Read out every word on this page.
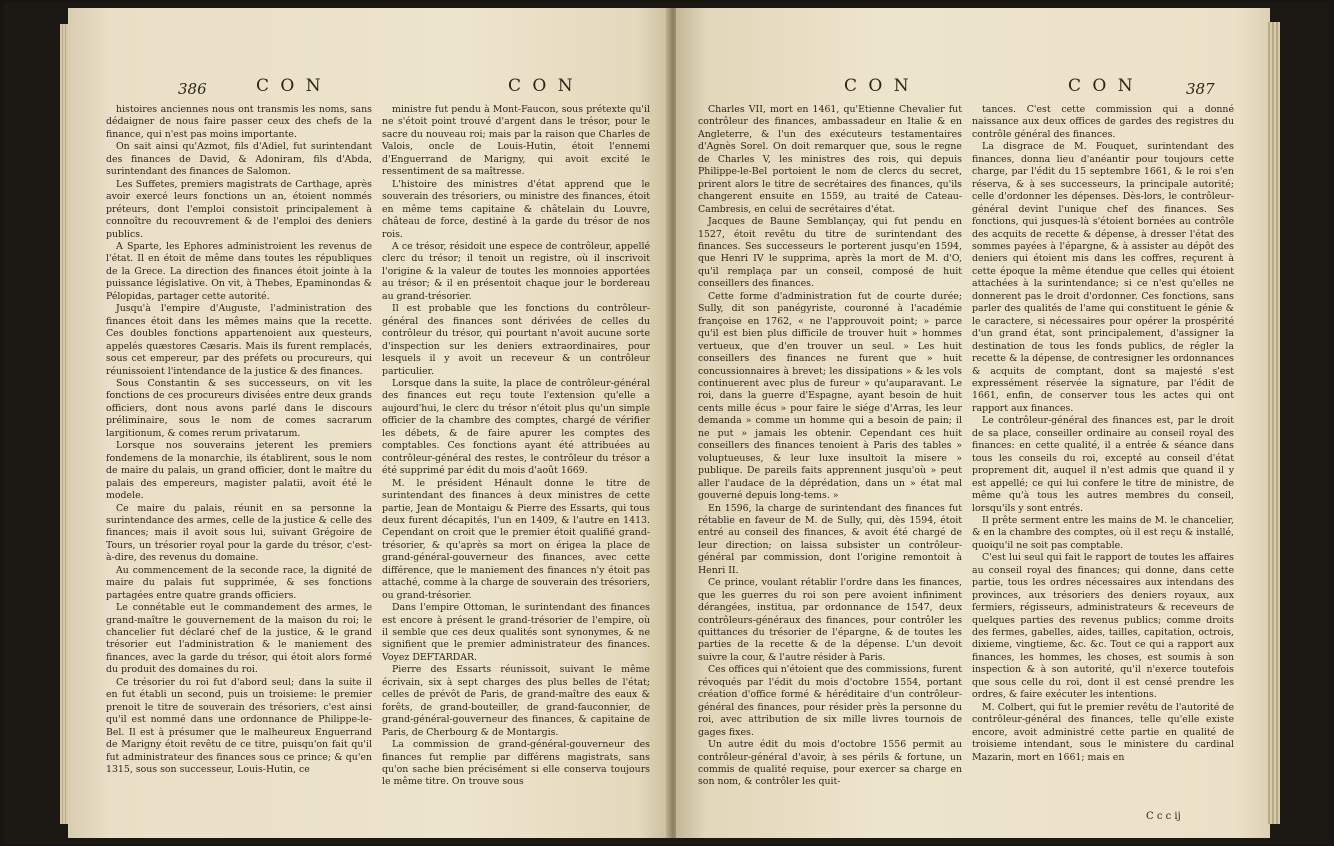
386	C O N	C O N

histoires anciennes nous ont transmis les noms, sans dédaigner de nous faire passer ceux des chefs de la finance, qui n'est pas moins importante.

On sait ainsi qu'Azmot, fils d'Adiel, fut surintendant des finances de David, & Adoniram, fils d'Abda, surintendant des finances de Salomon.

Les Suffetes, premiers magistrats de Carthage, après avoir exercé leurs fonctions un an, étoient nommés préteurs, dont l'emploi consistoit principalement à connoître du recouvrement & de l'emploi des deniers publics.

A Sparte, les Ephores administroient les revenus de l'état. Il en étoit de même dans toutes les républiques de la Grece. La direction des finances étoit jointe à la puissance législative. On vit, à Thebes, Epaminondas & Pélopidas, partager cette autorité.

Jusqu'à l'empire d'Auguste, l'administration des finances étoit dans les mêmes mains que la recette. Ces doubles fonctions appartenoient aux questeurs, appelés quæstores Cæsaris. Mais ils furent remplacés, sous cet empereur, par des préfets ou procureurs, qui réunissoient l'intendance de la justice & des finances.

Sous Constantin & ses successeurs, on vit les fonctions de ces procureurs divisées entre deux grands officiers, dont nous avons parlé dans le discours préliminaire, sous le nom de comes sacrarum largitionum, & comes rerum privatarum.

Lorsque nos souverains jeterent les premiers fondemens de la monarchie, ils établirent, sous le nom de maire du palais, un grand officier, dont le maître du palais des empereurs, magister palatii, avoit été le modele.

Ce maire du palais, réunit en sa personne la surintendance des armes, celle de la justice & celle des finances; mais il avoit sous lui, suivant Grégoire de Tours, un trésorier royal pour la garde du trésor, c'est-à-dire, des revenus du domaine.

Au commencement de la seconde race, la dignité de maire du palais fut supprimée, & ses fonctions partagées entre quatre grands officiers.

Le connétable eut le commandement des armes, le grand-maître le gouvernement de la maison du roi; le chancelier fut déclaré chef de la justice, & le grand trésorier eut l'administration & le maniement des finances, avec la garde du trésor, qui étoit alors formé du produit des domaines du roi.

Ce trésorier du roi fut d'abord seul; dans la suite il en fut établi un second, puis un troisieme: le premier prenoit le titre de souverain des trésoriers, c'est ainsi qu'il est nommé dans une ordonnance de Philippe-le-Bel. Il est à présumer que le malheureux Enguerrand de Marigny étoit revêtu de ce titre, puisqu'on fait qu'il fut administrateur des finances sous ce prince; & qu'en 1315, sous son successeur, Louis-Hutin, ce

ministre fut pendu à Mont-Faucon, sous prétexte qu'il ne s'étoit point trouvé d'argent dans le trésor, pour le sacre du nouveau roi; mais par la raison que Charles de Valois, oncle de Louis-Hutin, étoit l'ennemi d'Enguerrand de Marigny, qui avoit excité le ressentiment de sa maîtresse.

L'histoire des ministres d'état apprend que le souverain des trésoriers, ou ministre des finances, étoit en même tems capitaine & châtelain du Louvre, château de force, destiné à la garde du trésor de nos rois.

A ce trésor, résidoit une espece de contrôleur, appellé clerc du trésor; il tenoit un registre, où il inscrivoit l'origine & la valeur de toutes les monnoies apportées au trésor; & il en présentoit chaque jour le bordereau au grand-trésorier.

Il est probable que les fonctions du contrôleur-général des finances sont dérivées de celles du contrôleur du trésor, qui pourtant n'avoit aucune sorte d'inspection sur les deniers extraordinaires, pour lesquels il y avoit un receveur & un contrôleur particulier.

Lorsque dans la suite, la place de contrôleur-général des finances eut reçu toute l'extension qu'elle a aujourd'hui, le clerc du trésor n'étoit plus qu'un simple officier de la chambre des comptes, chargé de vérifier les débets, & de faire apurer les comptes des comptables. Ces fonctions ayant été attribuées au contrôleur-général des restes, le contrôleur du trésor a été supprimé par édit du mois d'août 1669.

M. le président Hénault donne le titre de surintendant des finances à deux ministres de cette partie, Jean de Montaigu & Pierre des Essarts, qui tous deux furent décapités, l'un en 1409, & l'autre en 1413. Cependant on croit que le premier étoit qualifié grand-trésorier, & qu'après sa mort on érigea la place de grand-général-gouverneur des finances, avec cette différence, que le maniement des finances n'y étoit pas attaché, comme à la charge de souverain des trésoriers, ou grand-trésorier.

Dans l'empire Ottoman, le surintendant des finances est encore à présent le grand-trésorier de l'empire, où il semble que ces deux qualités sont synonymes, & ne signifient que le premier administrateur des finances. Voyez DEFTARDAR.

Pierre des Essarts réunissoit, suivant le même écrivain, six à sept charges des plus belles de l'état; celles de prévôt de Paris, de grand-maître des eaux & forêts, de grand-bouteiller, de grand-fauconnier, de grand-général-gouverneur des finances, & capitaine de Paris, de Cherbourg & de Montargis.

La commission de grand-général-gouverneur des finances fut remplie par différens magistrats, sans qu'on sache bien précisément si elle conserva toujours le même titre. On trouve sous

C O N	C O N	387

Charles VII, mort en 1461, qu'Etienne Chevalier fut contrôleur des finances, ambassadeur en Italie & en Angleterre, & l'un des exécuteurs testamentaires d'Agnès Sorel. On doit remarquer que, sous le regne de Charles V, les ministres des rois, qui depuis Philippe-le-Bel portoient le nom de clercs du secret, prirent alors le titre de secrétaires des finances, qu'ils changerent ensuite en 1559, au traité de Cateau-Cambresis, en celui de secrétaires d'état.

Jacques de Baune Semblançay, qui fut pendu en 1527, étoit revêtu du titre de surintendant des finances. Ses successeurs le porterent jusqu'en 1594, que Henri IV le supprima, après la mort de M. d'O, qu'il remplaça par un conseil, composé de huit conseillers des finances.

Cette forme d'administration fut de courte durée; Sully, dit son panégyriste, couronné à l'académie françoise en 1762, « ne l'approuvoit point; » parce qu'il est bien plus difficile de trouver huit » hommes vertueux, que d'en trouver un seul. » Les huit conseillers des finances ne furent que » huit concussionnaires à brevet; les dissipations » & les vols continuerent avec plus de fureur » qu'auparavant. Le roi, dans la guerre d'Espagne, ayant besoin de huit cents mille écus » pour faire le siége d'Arras, les leur demanda » comme un homme qui a besoin de pain; il ne put » jamais les obtenir. Cependant ces huit conseillers des finances tenoient à Paris des tables » voluptueuses, & leur luxe insultoit la misere » publique. De pareils faits apprennent jusqu'où » peut aller l'audace de la déprédation, dans un » état mal gouverné depuis long-tems. »

En 1596, la charge de surintendant des finances fut rétablie en faveur de M. de Sully, qui, dès 1594, étoit entré au conseil des finances, & avoit été chargé de leur direction; on laissa subsister un contrôleur-général par commission, dont l'origine remontoit à Henri II.

Ce prince, voulant rétablir l'ordre dans les finances, que les guerres du roi son pere avoient infiniment dérangées, institua, par ordonnance de 1547, deux contrôleurs-généraux des finances, pour contrôler les quittances du trésorier de l'épargne, & de toutes les parties de la recette & de la dépense. L'un devoit suivre la cour, & l'autre résider à Paris.

Ces offices qui n'étoient que des commissions, furent révoqués par l'édit du mois d'octobre 1554, portant création d'office formé & héréditaire d'un contrôleur-général des finances, pour résider près la personne du roi, avec attribution de six mille livres tournois de gages fixes.

Un autre édit du mois d'octobre 1556 permit au contrôleur-général d'avoir, à ses périls & fortune, un commis de qualité requise, pour exercer sa charge en son nom, & contrôler les quit-

tances. C'est cette commission qui a donné naissance aux deux offices de gardes des registres du contrôle général des finances.

La disgrace de M. Fouquet, surintendant des finances, donna lieu d'anéantir pour toujours cette charge, par l'édit du 15 septembre 1661, & le roi s'en réserva, & à ses successeurs, la principale autorité; celle d'ordonner les dépenses. Dès-lors, le contrôleur-général devint l'unique chef des finances. Ses fonctions, qui jusques-là s'étoient bornées au contrôle des acquits de recette & dépense, à dresser l'état des sommes payées à l'épargne, & à assister au dépôt des deniers qui étoient mis dans les coffres, reçurent à cette époque la même étendue que celles qui étoient attachées à la surintendance; si ce n'est qu'elles ne donnerent pas le droit d'ordonner. Ces fonctions, sans parler des qualités de l'ame qui constituent le génie & le caractere, si nécessaires pour opérer la prospérité d'un grand état, sont principalement, d'assigner la destination de tous les fonds publics, de régler la recette & la dépense, de contresigner les ordonnances & acquits de comptant, dont sa majesté s'est expressément réservée la signature, par l'édit de 1661, enfin, de conserver tous les actes qui ont rapport aux finances.

Le contrôleur-général des finances est, par le droit de sa place, conseiller ordinaire au conseil royal des finances: en cette qualité, il a entrée & séance dans tous les conseils du roi, excepté au conseil d'état proprement dit, auquel il n'est admis que quand il y est appellé; ce qui lui confere le titre de ministre, de même qu'à tous les autres membres du conseil, lorsqu'ils y sont entrés.

Il prête serment entre les mains de M. le chancelier, & en la chambre des comptes, où il est reçu & installé, quoiqu'il ne soit pas comptable.

C'est lui seul qui fait le rapport de toutes les affaires au conseil royal des finances; qui donne, dans cette partie, tous les ordres nécessaires aux intendans des provinces, aux trésoriers des deniers royaux, aux fermiers, régisseurs, administrateurs & receveurs de quelques parties des revenus publics; comme droits des fermes, gabelles, aides, tailles, capitation, octrois, dixieme, vingtieme, &c. &c. Tout ce qui a rapport aux finances, les hommes, les choses, est soumis à son inspection & à son autorité, qu'il n'exerce toutefois que sous celle du roi, dont il est censé prendre les ordres, & faire exécuter les intentions.

M. Colbert, qui fut le premier revêtu de l'autorité de contrôleur-général des finances, telle qu'elle existe encore, avoit administré cette partie en qualité de troisieme intendant, sous le ministere du cardinal Mazarin, mort en 1661; mais en

C c c ij
